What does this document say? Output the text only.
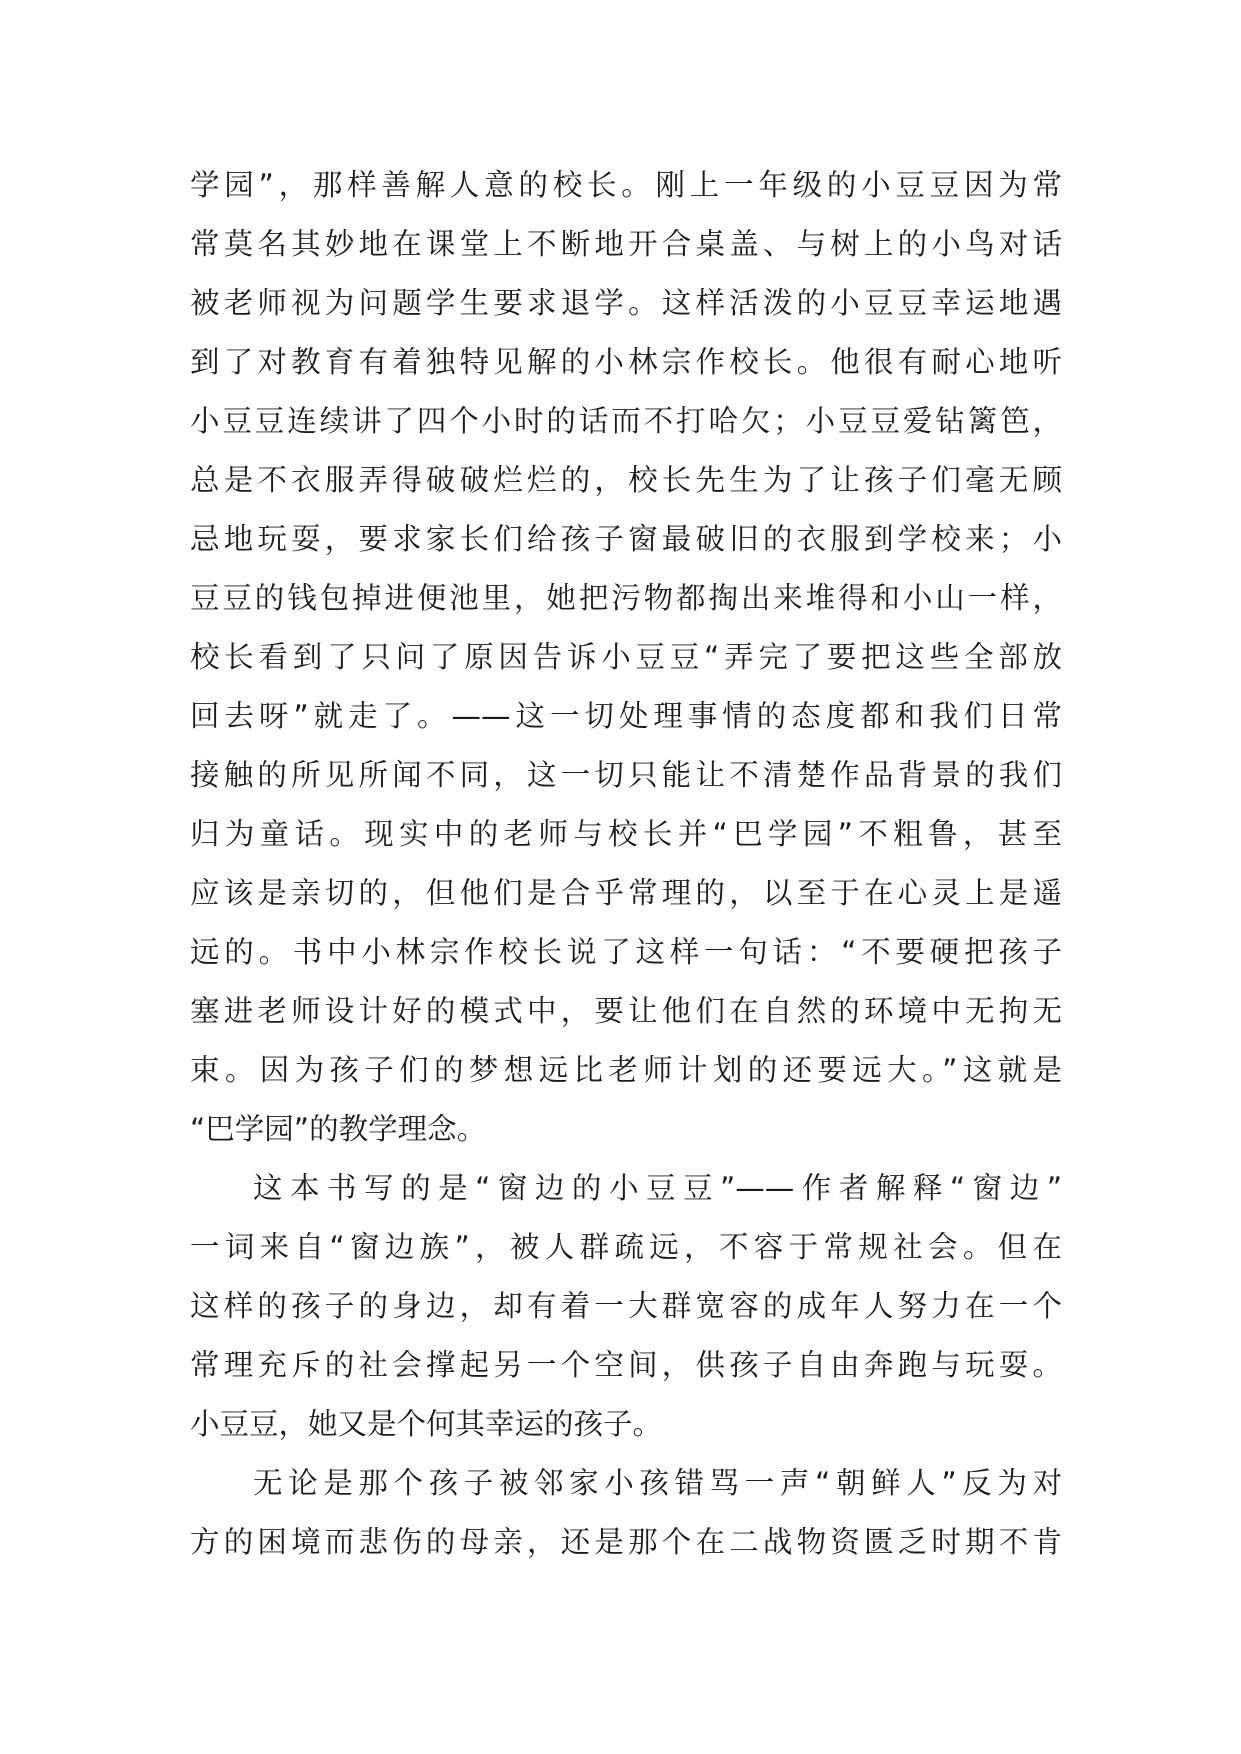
学园”，那样善解人意的校长。刚上一年级的小豆豆因为常
常莫名其妙地在课堂上不断地开合桌盖、与树上的小鸟对话
被老师视为问题学生要求退学。这样活泼的小豆豆幸运地遇
到了对教育有着独特见解的小林宗作校长。他很有耐心地听
小豆豆连续讲了四个小时的话而不打哈欠；小豆豆爱钻篱笆，
总是不衣服弄得破破烂烂的，校长先生为了让孩子们毫无顾
忌地玩耍，要求家长们给孩子窗最破旧的衣服到学校来；小
豆豆的钱包掉进便池里，她把污物都掏出来堆得和小山一样，
校长看到了只问了原因告诉小豆豆“弄完了要把这些全部放
回去呀”就走了。——这一切处理事情的态度都和我们日常
接触的所见所闻不同，这一切只能让不清楚作品背景的我们
归为童话。现实中的老师与校长并“巴学园”不粗鲁，甚至
应该是亲切的，但他们是合乎常理的，以至于在心灵上是遥
远的。书中小林宗作校长说了这样一句话：“不要硬把孩子
塞进老师设计好的模式中，要让他们在自然的环境中无拘无
束。因为孩子们的梦想远比老师计划的还要远大。”这就是
“巴学园”的教学理念。
这本书写的是“窗边的小豆豆”——作者解释“窗边”
一词来自“窗边族”，被人群疏远，不容于常规社会。但在
这样的孩子的身边，却有着一大群宽容的成年人努力在一个
常理充斥的社会撑起另一个空间，供孩子自由奔跑与玩耍。
小豆豆，她又是个何其幸运的孩子。
无论是那个孩子被邻家小孩错骂一声“朝鲜人”反为对
方的困境而悲伤的母亲，还是那个在二战物资匮乏时期不肯
